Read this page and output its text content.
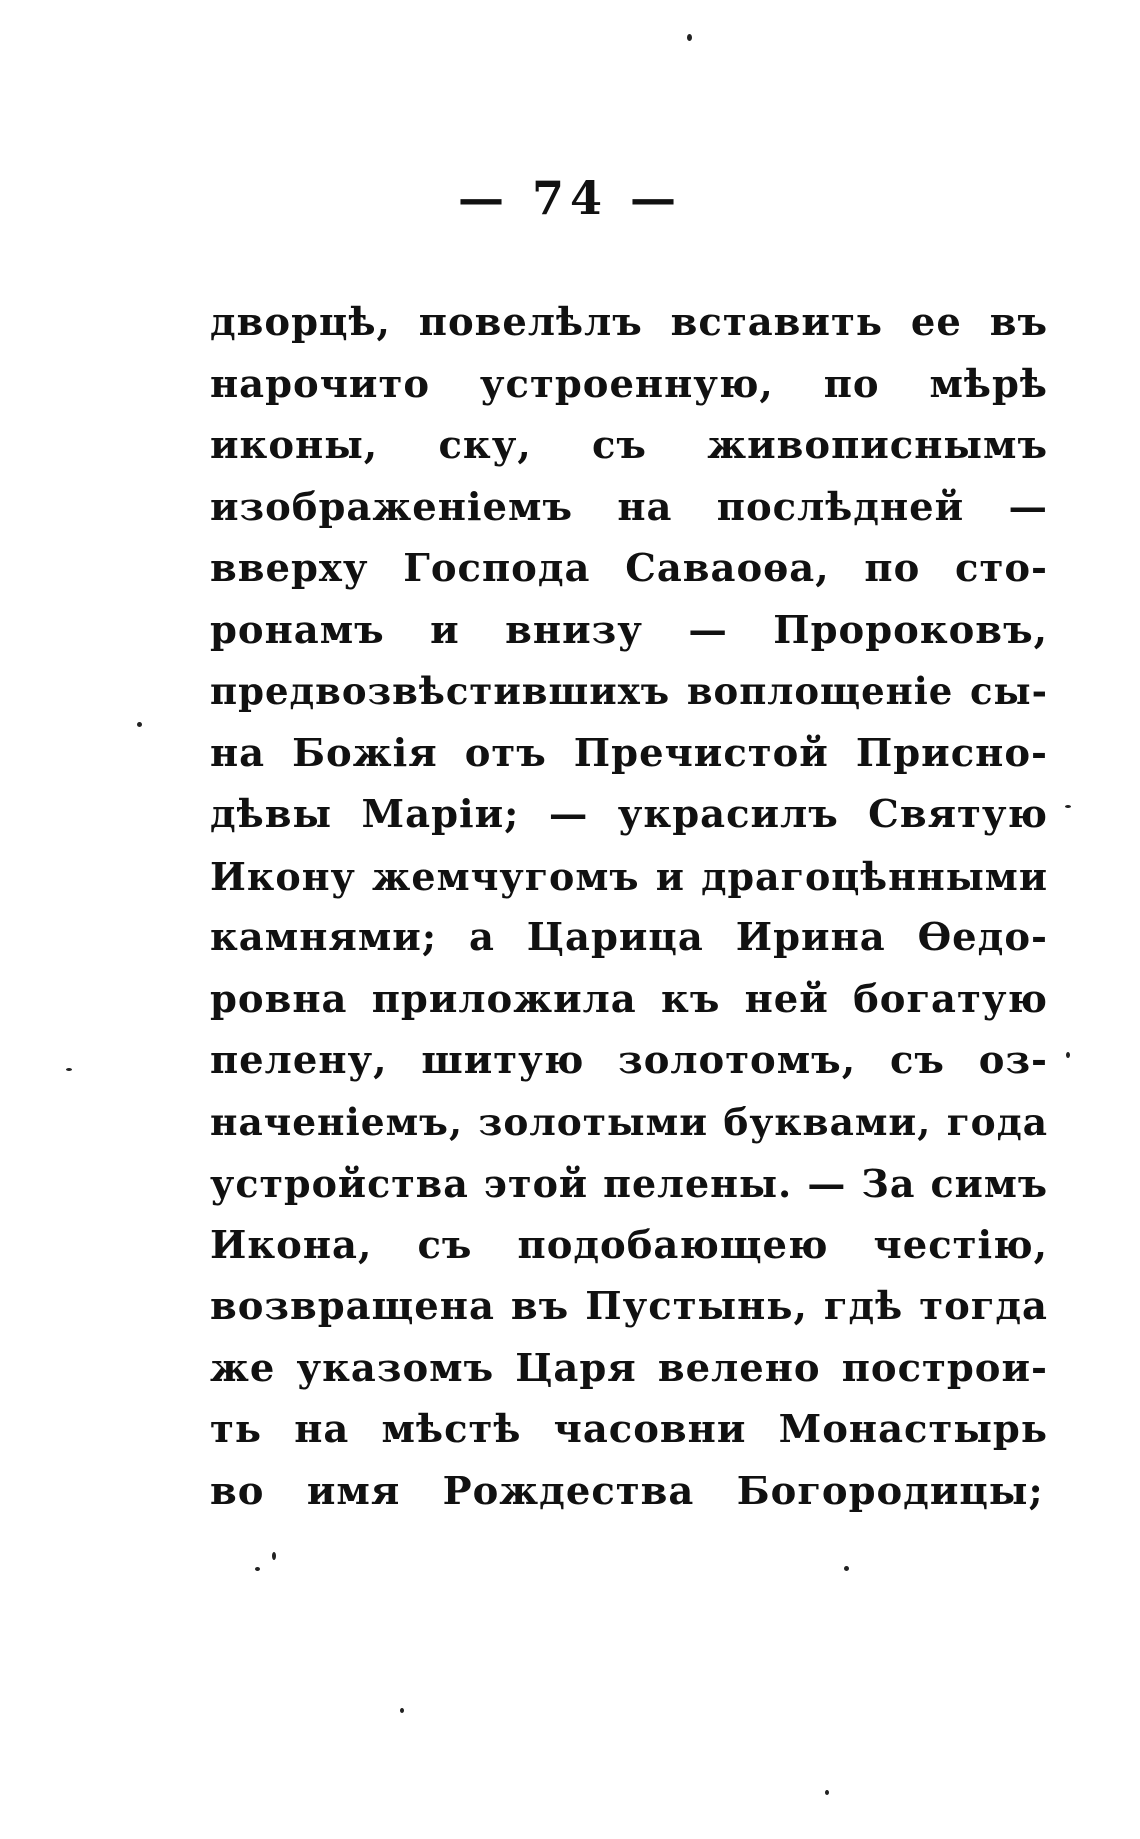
— 74 —
дворцѣ, повелѣлъ вставить ее въ
нарочито устроенную, по мѣрѣ
иконы, ску, съ живописнымъ
изображенiемъ на послѣдней —
вверху Господа Саваоѳа, по сто-
ронамъ и внизу — Пророковъ,
предвозвѣстившихъ воплощенiе сы-
на Божiя отъ Пречистой Присно-
дѣвы Марiи; — украсилъ Святую
Икону жемчугомъ и драгоцѣнными
камнями; а Царица Ирина Ѳедо-
ровна приложила къ ней богатую
пелену, шитую золотомъ, съ оз-
наченiемъ, золотыми буквами, года
устройства этой пелены. — За симъ
Икона, съ подобающею честiю,
возвращена въ Пустынь, гдѣ тогда
же указомъ Царя велено построи-
ть на мѣстѣ часовни Монастырь
во имя Рождества Богородицы;
